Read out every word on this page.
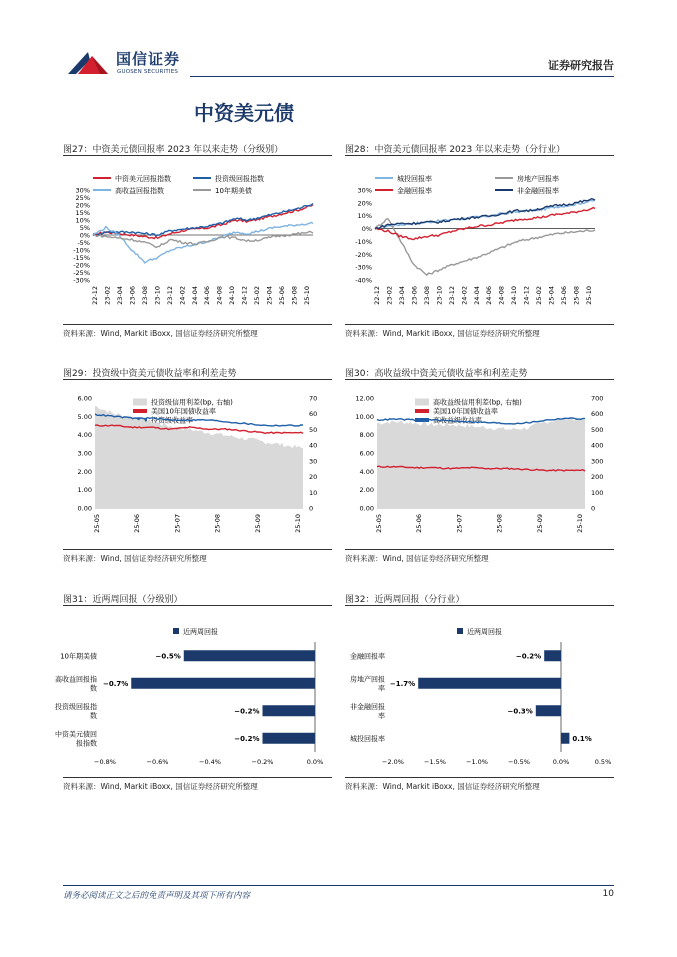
国信证券
GUOSEN SECURITIES	证券研究报告
中资美元债
图27：中资美元债回报率 2023 年以来走势（分级别）	图28：中资美元债回报率 2023 年以来走势（分行业）
中资美元回报指数	投资级回报指数
高收益回报指数	10年期美债
30%
25%
20%
15%
10%
5%
0%
-5%
-10%
-15%
-20%
-25%
-30%
22-12 23-02 23-04 23-06 23-08 23-10 23-12 24-02 24-04 24-06 24-08 24-10 24-12 25-02 25-04 25-06 25-08 25-10
城投回报率	房地产回报率
金融回报率	非金融回报率
30%
20%
10%
0%
-10%
-20%
-30%
-40%
22-12 23-02 23-04 23-06 23-08 23-10 23-12 24-02 24-04 24-06 24-08 24-10 24-12 25-02 25-04 25-06 25-08 25-10
资料来源：Wind, Markit iBoxx, 国信证券经济研究所整理	资料来源：Wind, Markit iBoxx, 国信证券经济研究所整理
图29：投资级中资美元债收益率和利差走势	图30：高收益级中资美元债收益率和利差走势
投资级信用利差(bp, 右轴)
美国10年国债收益率
投资级收益率
6.00
5.00
4.00
3.00
2.00
1.00
0.00
70
60
50
40
30
20
10
0
25-05	25-06	25-07	25-08	25-09	25-10
高收益级信用利差(bp, 右轴)
美国10年国债收益率
高收益级收益率
12.00
10.00
8.00
6.00
4.00
2.00
0.00
700
600
500
400
300
200
100
0
25-05	25-06	25-07	25-08	25-09	25-10
资料来源：Wind, 国信证券经济研究所整理	资料来源：Wind, 国信证券经济研究所整理
图31：近两周回报（分级别）	图32：近两周回报（分行业）
近两周回报
10年期美债	−0.5%
高收益回报指
数
−0.7%
投资级回报指
数
−0.2%
中资美元债回
报指数
−0.2%
−0.8%	−0.6%	−0.4%	−0.2%	0.0%
近两周回报
金融回报率	−0.2%
房地产回报
率
−1.7%
非金融回报
率
−0.3%
城投回报率	0.1%
−2.0%	−1.5%	−1.0%	−0.5%	0.0%	0.5%
资料来源：Wind, Markit iBoxx, 国信证券经济研究所整理	资料来源：Wind, Markit iBoxx, 国信证券经济研究所整理
请务必阅读正文之后的免责声明及其项下所有内容	10
